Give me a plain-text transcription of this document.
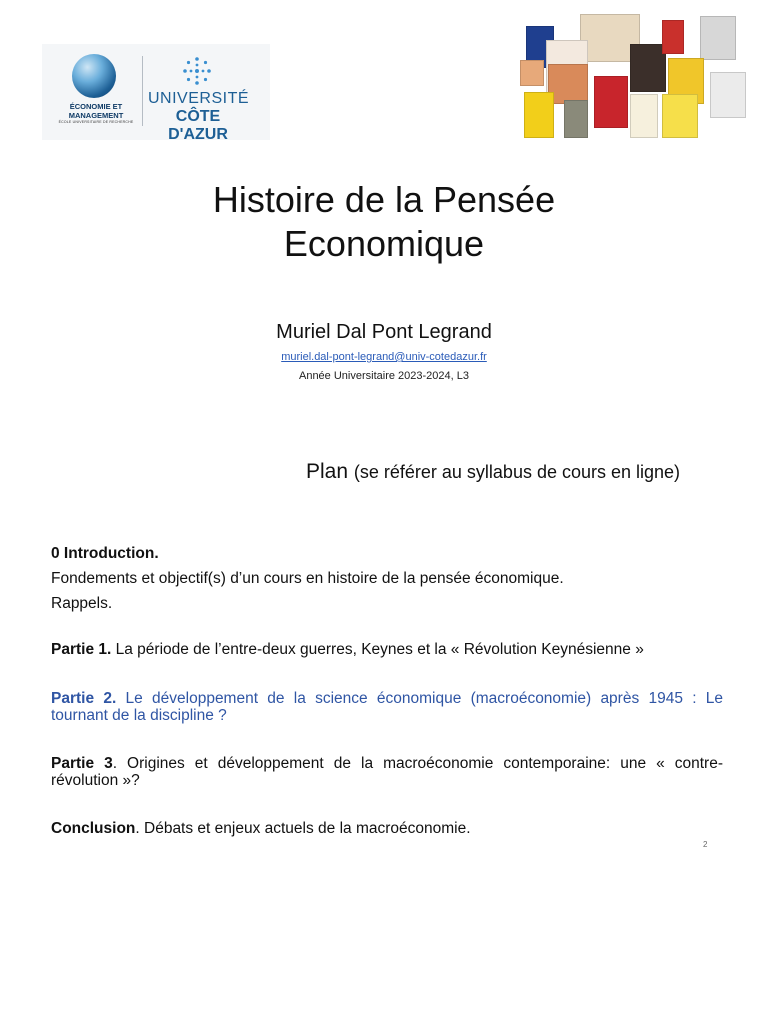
ÉCONOMIE ET MANAGEMENT
ÉCOLE UNIVERSITAIRE DE RECHERCHE
UNIVERSITÉ
CÔTE D'AZUR
Histoire de la Pensée
Economique
Muriel Dal Pont Legrand
muriel.dal-pont-legrand@univ-cotedazur.fr
Année Universitaire 2023-2024, L3
Plan (se référer au syllabus de cours en ligne)
0 Introduction.
Fondements et objectif(s) d’un cours en histoire de la pensée économique.
Rappels.
Partie 1. La période de l’entre-deux guerres, Keynes et la « Révolution Keynésienne »
Partie 2. Le développement de la science économique (macroéconomie) après 1945 : Le tournant de la discipline ?
Partie 3. Origines et développement de la macroéconomie contemporaine: une « contre-révolution »?
Conclusion. Débats et enjeux actuels de la macroéconomie.
2
